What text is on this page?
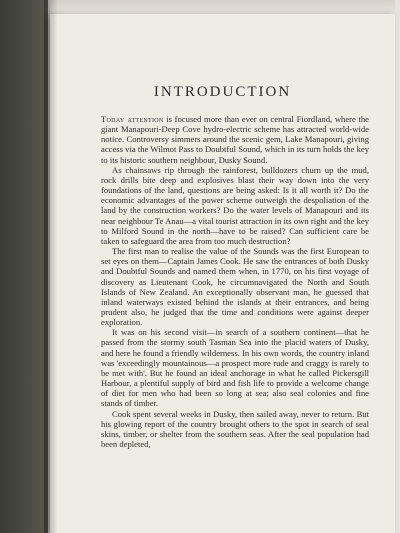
INTRODUCTION

Today attention is focused more than ever on central Fiordland, where the giant Manapouri-Deep Cove hydro-electric scheme has attracted world-wide notice. Controversy simmers around the scenic gem, Lake Manapouri, giving access via the Wilmot Pass to Doubtful Sound, which in its turn holds the key to its historic southern neighbour, Dusky Sound.

As chainsaws rip through the rainforest, bulldozers churn up the mud, rock drills bite deep and explosives blast their way down into the very foundations of the land, questions are being asked: Is it all worth it? Do the economic advantages of the power scheme outweigh the despoliation of the land by the construction workers? Do the water levels of Manapouri and its near neighbour Te Anau—a vital tourist attraction in its own right and the key to Milford Sound in the north—have to be raised? Can sufficient care be taken to safeguard the area from too much destruction?

The first man to realise the value of the Sounds was the first European to set eyes on them—Captain James Cook. He saw the entrances of both Dusky and Doubtful Sounds and named them when, in 1770, on his first voyage of discovery as Lieutenant Cook, he circumnavigated the North and South Islands of New Zealand. An exceptionally observant man, he guessed that inland waterways existed behind the islands at their entrances, and being prudent also, he judged that the time and conditions were against deeper exploration.

It was on his second visit—in search of a southern continent—that he passed from the stormy south Tasman Sea into the placid waters of Dusky, and here he found a friendly wilderness. In his own words, the country inland was 'exceedingly mountainous—a prospect more rude and craggy is rarely to be met with'. But he found an ideal anchorage in what he called Pickersgill Harbour, a plentiful supply of bird and fish life to provide a welcome change of diet for men who had been so long at sea; also seal colonies and fine stands of timber.

Cook spent several weeks in Dusky, then sailed away, never to return. But his glowing report of the country brought others to the spot in search of seal skins, timber, or shelter from the southern seas. After the seal population had been depleted,
